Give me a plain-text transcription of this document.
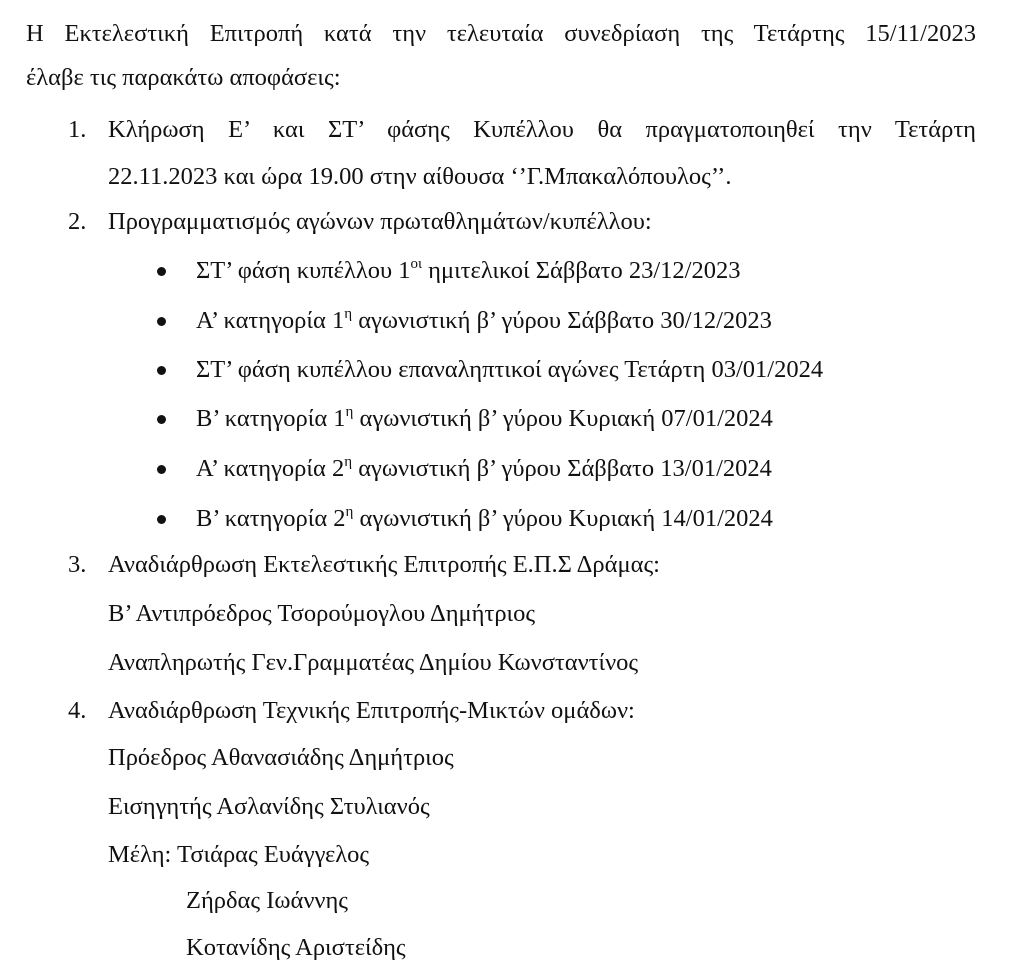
Η Εκτελεστική Επιτροπή κατά την τελευταία συνεδρίαση της Τετάρτης 15/11/2023
έλαβε τις παρακάτω αποφάσεις:
1. Κλήρωση Ε’ και ΣΤ’ φάσης Κυπέλλου θα πραγματοποιηθεί την Τετάρτη
22.11.2023 και ώρα 19.00 στην αίθουσα ‘’Γ.Μπακαλόπουλος’’.
2. Προγραμματισμός αγώνων πρωταθλημάτων/κυπέλλου:
ΣΤ’ φάση κυπέλλου $1^{o\iota}$ ημιτελικοί Σάββατο 23/12/2023
Α’ κατηγορία $1^\eta$ αγωνιστική β’ γύρου Σάββατο 30/12/2023
ΣΤ’ φάση κυπέλλου επαναληπτικοί αγώνες Τετάρτη 03/01/2024
Β’ κατηγορία $1^\eta$ αγωνιστική β’ γύρου Κυριακή 07/01/2024
Α’ κατηγορία $2^\eta$ αγωνιστική β’ γύρου Σάββατο 13/01/2024
Β’ κατηγορία $2^\eta$ αγωνιστική β’ γύρου Κυριακή 14/01/2024
3. Αναδιάρθρωση Εκτελεστικής Επιτροπής Ε.Π.Σ Δράμας:
Β’ Αντιπρόεδρος Τσορούμογλου Δημήτριος
Αναπληρωτής Γεν.Γραμματέας Δημίου Κωνσταντίνος
4. Αναδιάρθρωση Τεχνικής Επιτροπής-Μικτών ομάδων:
Πρόεδρος Αθανασιάδης Δημήτριος
Εισηγητής Ασλανίδης Στυλιανός
Μέλη: Τσιάρας Ευάγγελος
Ζήρδας Ιωάννης
Κοτανίδης Αριστείδης
